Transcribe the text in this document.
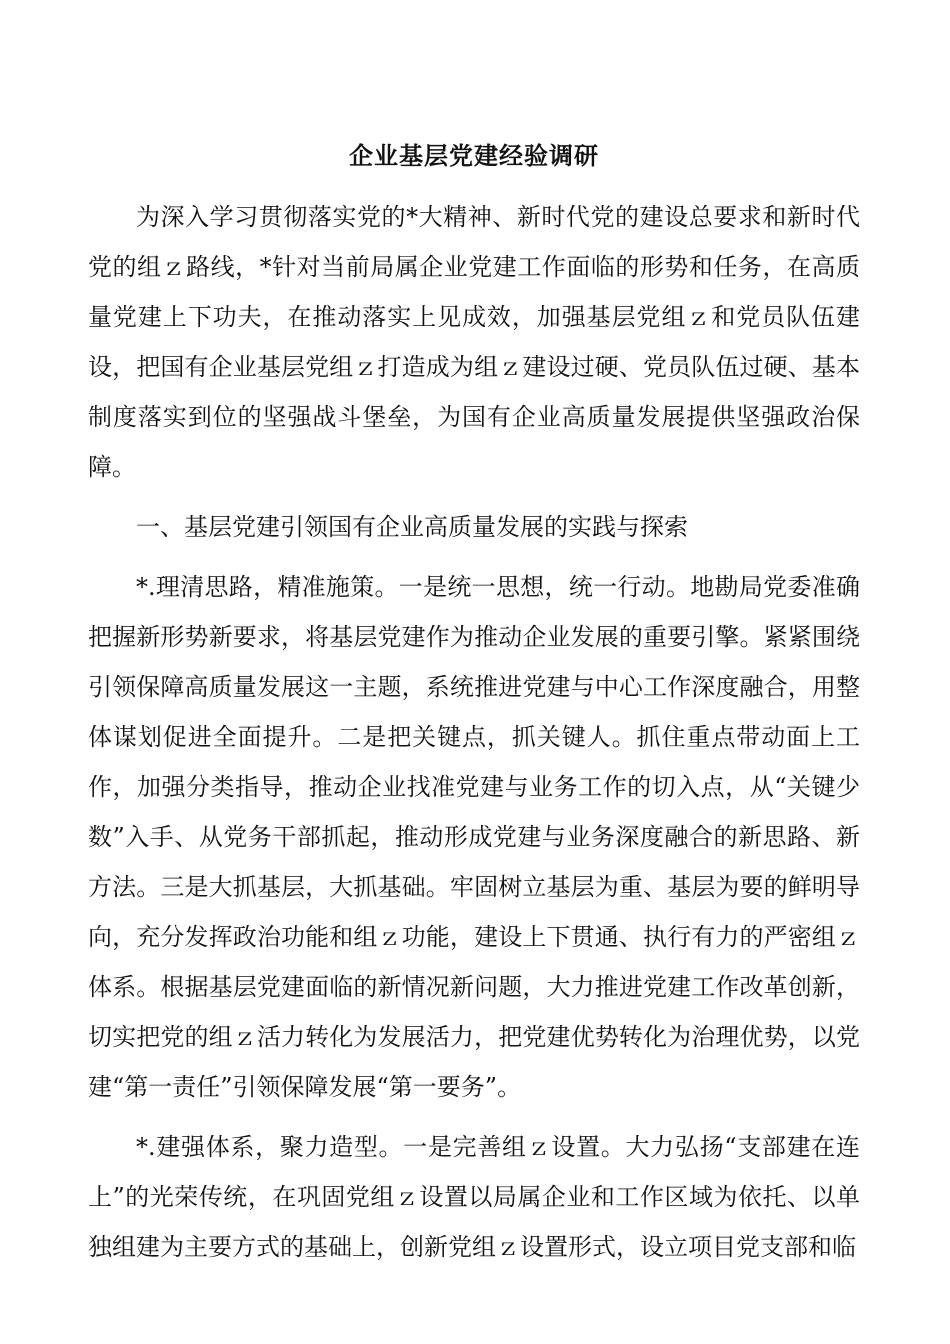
企业基层党建经验调研

为深入学习贯彻落实党的*大精神、新时代党的建设总要求和新时代党的组ｚ路线，*针对当前局属企业党建工作面临的形势和任务，在高质量党建上下功夫，在推动落实上见成效，加强基层党组ｚ和党员队伍建设，把国有企业基层党组ｚ打造成为组ｚ建设过硬、党员队伍过硬、基本制度落实到位的坚强战斗堡垒，为国有企业高质量发展提供坚强政治保障。

一、基层党建引领国有企业高质量发展的实践与探索

*.理清思路，精准施策。一是统一思想，统一行动。地勘局党委准确把握新形势新要求，将基层党建作为推动企业发展的重要引擎。紧紧围绕引领保障高质量发展这一主题，系统推进党建与中心工作深度融合，用整体谋划促进全面提升。二是把关键点，抓关键人。抓住重点带动面上工作，加强分类指导，推动企业找准党建与业务工作的切入点，从“关键少数”入手、从党务干部抓起，推动形成党建与业务深度融合的新思路、新方法。三是大抓基层，大抓基础。牢固树立基层为重、基层为要的鲜明导向，充分发挥政治功能和组ｚ功能，建设上下贯通、执行有力的严密组ｚ体系。根据基层党建面临的新情况新问题，大力推进党建工作改革创新，切实把党的组ｚ活力转化为发展活力，把党建优势转化为治理优势，以党建“第一责任”引领保障发展“第一要务”。

*.建强体系，聚力造型。一是完善组ｚ设置。大力弘扬“支部建在连上”的光荣传统，在巩固党组ｚ设置以局属企业和工作区域为依托、以单独组建为主要方式的基础上，创新党组ｚ设置形式，设立项目党支部和临
